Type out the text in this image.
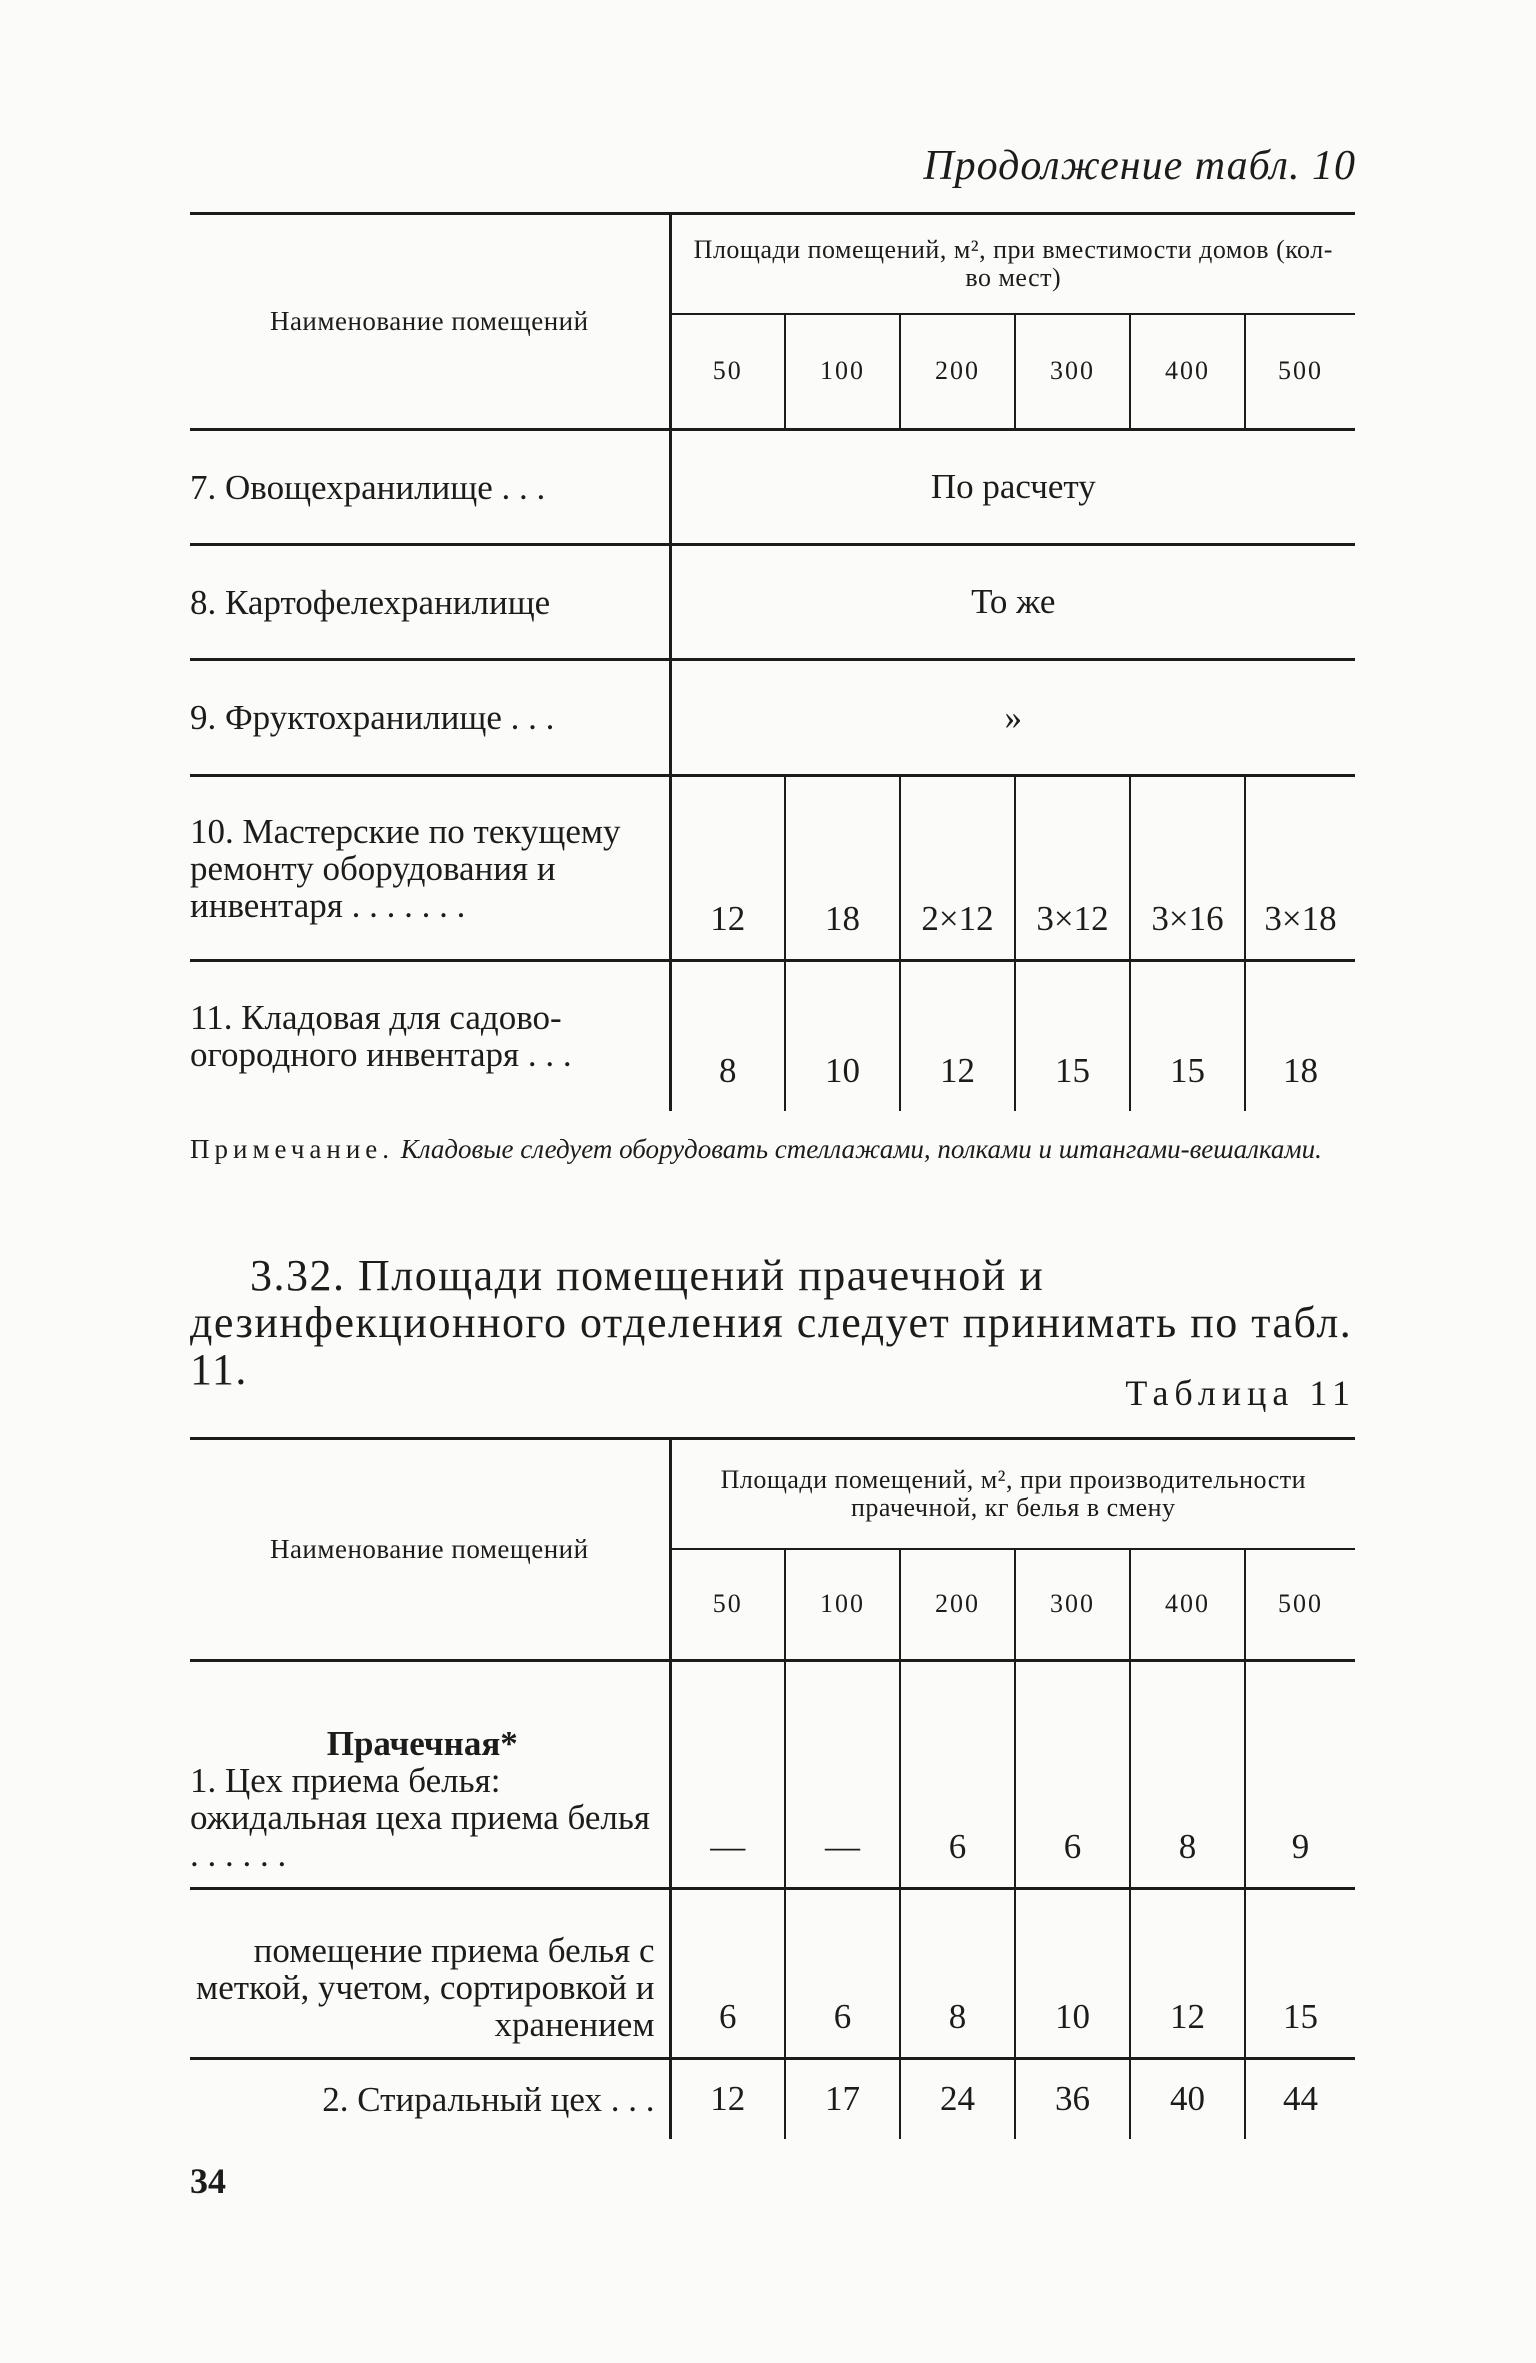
Продолжение табл. 10
Наименование помещений	Площади помещений, м², при вместимости домов (кол-во мест)					
	50	100	200	300	400	500
7. Овощехранилище . . .	По расчету					
8. Картофелехранилище	То же					
9. Фруктохранилище . . .	»					
10. Мастерские по текущему ремонту оборудования и инвентаря . . . . . . .	12	18	2×12	3×12	3×16	3×18
11. Кладовая для садово-огородного инвентаря . . .	8	10	12	15	15	18
Примечание. Кладовые следует оборудовать стеллажами, полками и штангами-вешалками.
3.32. Площади помещений прачечной и дезинфекционного отделения следует принимать по табл. 11.	Таблица 11
Наименование помещений	Площади помещений, м², при производительности прачечной, кг белья в смену					
	50	100	200	300	400	500

Прачечная*
1. Цех приема белья: ожидальная цеха приема белья . . . . . .	—	—	6	6	8	9
помещение приема белья с меткой, учетом, сортировкой и хранением	6	6	8	10	12	15
2. Стиральный цех . . .	12	17	24	36	40	44
34
